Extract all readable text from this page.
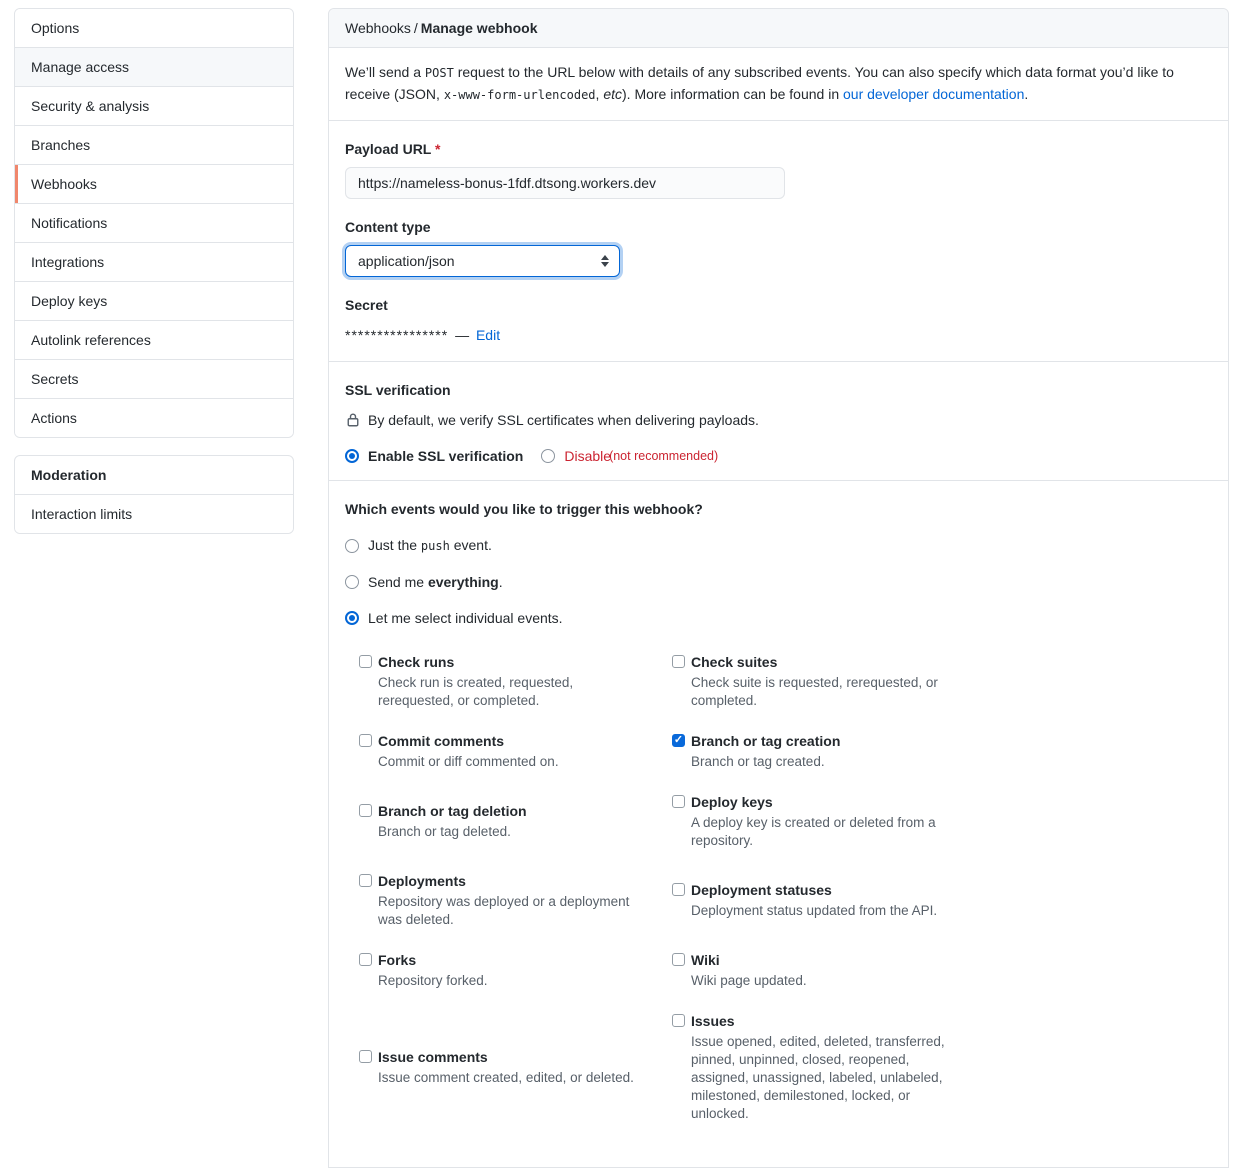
Options
Manage access
Security & analysis
Branches
Webhooks
Notifications
Integrations
Deploy keys
Autolink references
Secrets
Actions
Moderation
Interaction limits
Webhooks / Manage webhook
We’ll send a POST request to the URL below with details of any subscribed events. You can also specify which data format you’d like to receive (JSON, x-www-form-urlencoded, etc). More information can be found in our developer documentation.
Payload URL *
https://nameless-bonus-1fdf.dtsong.workers.dev
Content type
application/json
Secret
**************** — Edit
SSL verification
By default, we verify SSL certificates when delivering payloads.
Enable SSL verification	Disable
(not recommended)
Which events would you like to trigger this webhook?
Just the push event.
Send me everything.
Let me select individual events.
Check runs
Check run is created, requested, rerequested, or completed.
Check suites
Check suite is requested, rerequested, or completed.
Commit comments
Commit or diff commented on.
✓ Branch or tag creation
Branch or tag created.
Branch or tag deletion
Branch or tag deleted.
Deploy keys
A deploy key is created or deleted from a repository.
Deployments
Repository was deployed or a deployment was deleted.
Deployment statuses
Deployment status updated from the API.
Forks
Repository forked.
Wiki
Wiki page updated.
Issue comments
Issue comment created, edited, or deleted.
Issues
Issue opened, edited, deleted, transferred, pinned, unpinned, closed, reopened, assigned, unassigned, labeled, unlabeled, milestoned, demilestoned, locked, or unlocked.
